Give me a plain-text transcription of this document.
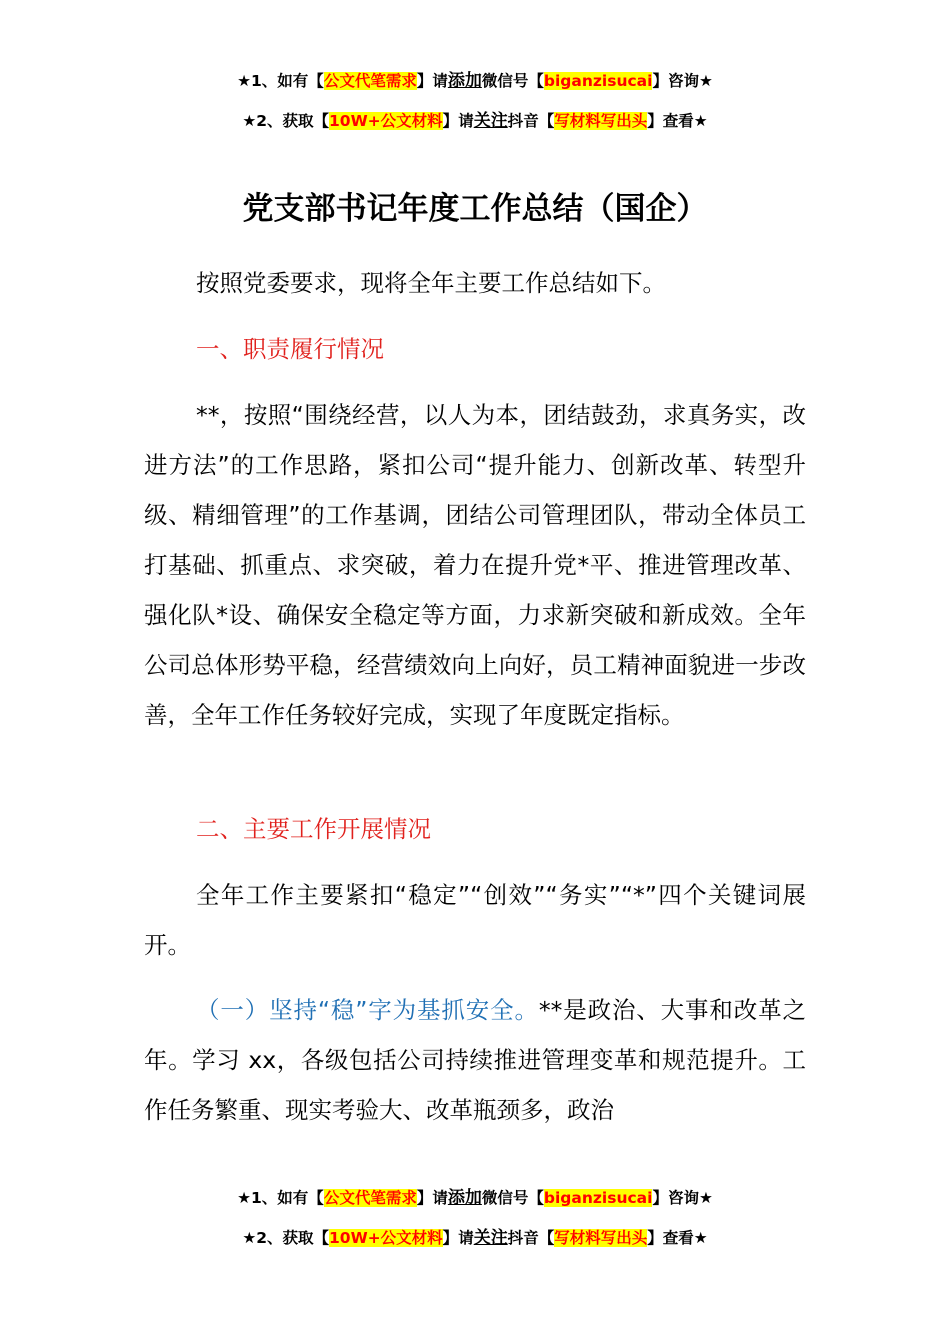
★1、如有【公文代笔需求】请添加微信号【biganzisucai】咨询★
★2、获取【10W+公文材料】请关注抖音【写材料写出头】查看★
党支部书记年度工作总结（国企）

按照党委要求，现将全年主要工作总结如下。

一、职责履行情况

**，按照“围绕经营，以人为本，团结鼓劲，求真务实，改进方法”的工作思路，紧扣公司“提升能力、创新改革、转型升级、精细管理”的工作基调，团结公司管理团队，带动全体员工打基础、抓重点、求突破，着力在提升党*平、推进管理改革、强化队*设、确保安全稳定等方面，力求新突破和新成效。全年公司总体形势平稳，经营绩效向上向好，员工精神面貌进一步改善，全年工作任务较好完成，实现了年度既定指标。

二、主要工作开展情况

全年工作主要紧扣“稳定”“创效”“务实”“*”四个关键词展开。

（一）坚持“稳”字为基抓安全。**是政治、大事和改革之年。学习 xx，各级包括公司持续推进管理变革和规范提升。工作任务繁重、现实考验大、改革瓶颈多，政治

★1、如有【公文代笔需求】请添加微信号【biganzisucai】咨询★
★2、获取【10W+公文材料】请关注抖音【写材料写出头】查看★
